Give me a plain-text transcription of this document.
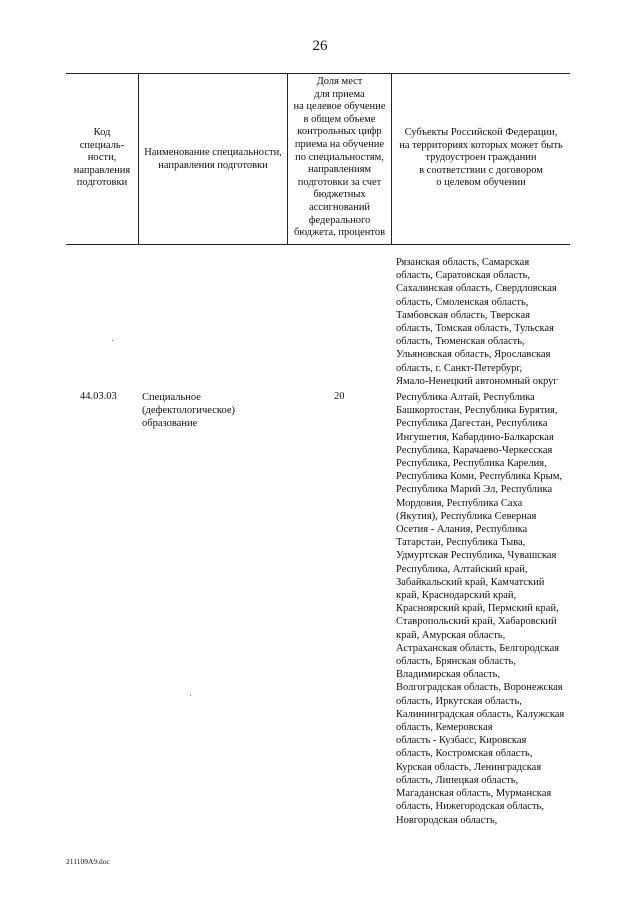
26
Код
специаль-
ности,
направления
подготовки
Наименование специальности,
направления подготовки
Доля мест
для приема
на целевое обучение
в общем объеме
контрольных цифр
приема на обучение
по специальностям,
направлениям
подготовки за счет
бюджетных
ассигнований
федерального
бюджета, процентов
Субъекты Российской Федерации,
на территориях которых может быть
трудоустроен гражданин
в соответствии с договором
о целевом обучении
Рязанская область, Самарская
область, Саратовская область,
Сахалинская область, Свердловская
область, Смоленская область,
Тамбовская область, Тверская
область, Томская область, Тульская
область, Тюменская область,
Ульяновская область, Ярославская
область, г. Санкт-Петербург,
Ямало-Ненецкий автономный округ
44.03.03 Специальное
(дефектологическое)
образование
20	Республика Алтай, Республика
Башкортостан, Республика Бурятия,
Республика Дагестан, Республика
Ингушетия, Кабардино-Балкарская
Республика, Карачаево-Черкесская
Республика, Республика Карелия,
Республика Коми, Республика Крым,
Республика Марий Эл, Республика
Мордовия, Республика Саха
(Якутия), Республика Северная
Осетия - Алания, Республика
Татарстан, Республика Тыва,
Удмуртская Республика, Чувашская
Республика, Алтайский край,
Забайкальский край, Камчатский
край, Краснодарский край,
Красноярский край, Пермский край,
Ставропольский край, Хабаровский
край, Амурская область,
Астраханская область, Белгородская
область, Брянская область,
Владимирская область,
Волгоградская область, Воронежская
область, Иркутская область,
Калининградская область, Калужская
область, Кемеровская
область - Кузбасс, Кировская
область, Костромская область,
Курская область, Ленинградская
область, Липецкая область,
Магаданская область, Мурманская
область, Нижегородская область,
Новгородская область,
211109A9.doc
